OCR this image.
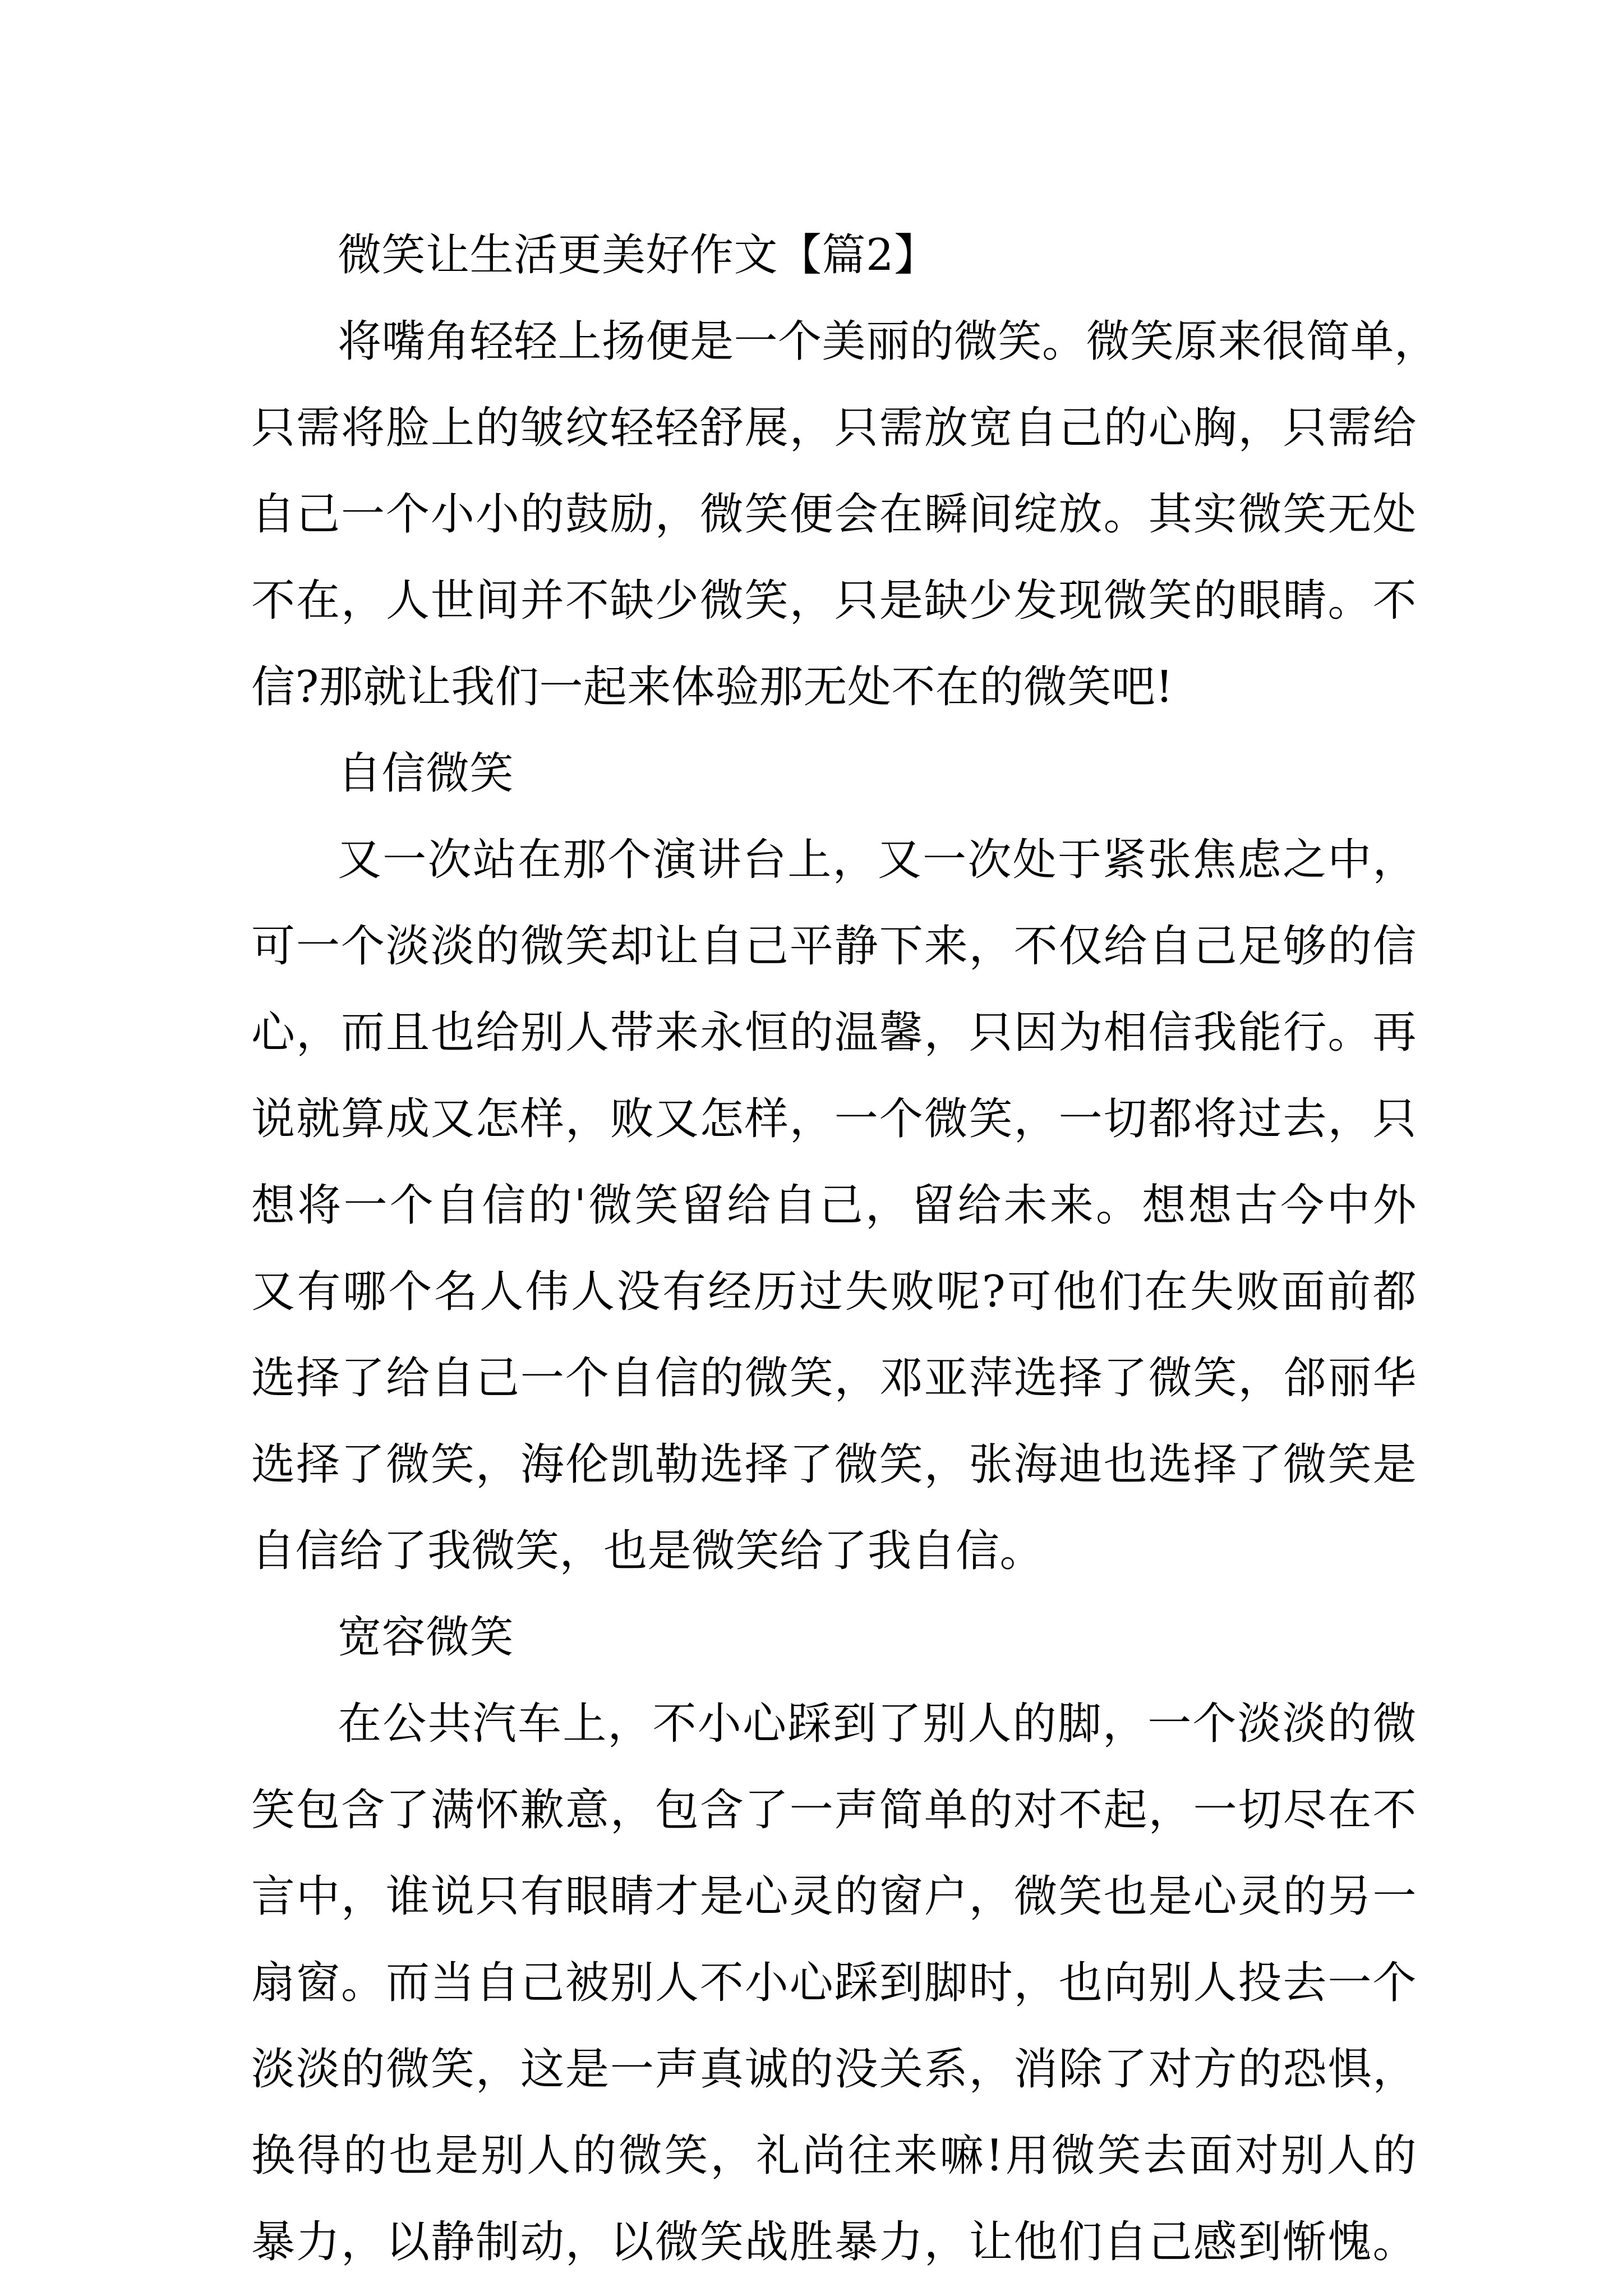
微笑让生活更美好作文【篇2】
将嘴角轻轻上扬便是一个美丽的微笑。微笑原来很简单，
只需将脸上的皱纹轻轻舒展，只需放宽自己的心胸，只需给
自己一个小小的鼓励，微笑便会在瞬间绽放。其实微笑无处
不在，人世间并不缺少微笑，只是缺少发现微笑的眼睛。不
信?那就让我们一起来体验那无处不在的微笑吧!
自信微笑
又一次站在那个演讲台上，又一次处于紧张焦虑之中，
可一个淡淡的微笑却让自己平静下来，不仅给自己足够的信
心，而且也给别人带来永恒的温馨，只因为相信我能行。再
说就算成又怎样，败又怎样，一个微笑，一切都将过去，只
想将一个自信的'微笑留给自己，留给未来。想想古今中外
又有哪个名人伟人没有经历过失败呢?可他们在失败面前都
选择了给自己一个自信的微笑，邓亚萍选择了微笑，郃丽华
选择了微笑，海伦凯勒选择了微笑，张海迪也选择了微笑是
自信给了我微笑，也是微笑给了我自信。
宽容微笑
在公共汽车上，不小心踩到了别人的脚，一个淡淡的微
笑包含了满怀歉意，包含了一声简单的对不起，一切尽在不
言中，谁说只有眼睛才是心灵的窗户，微笑也是心灵的另一
扇窗。而当自己被别人不小心踩到脚时，也向别人投去一个
淡淡的微笑，这是一声真诚的没关系，消除了对方的恐惧，
换得的也是别人的微笑，礼尚往来嘛!用微笑去面对别人的
暴力，以静制动，以微笑战胜暴力，让他们自己感到惭愧。
